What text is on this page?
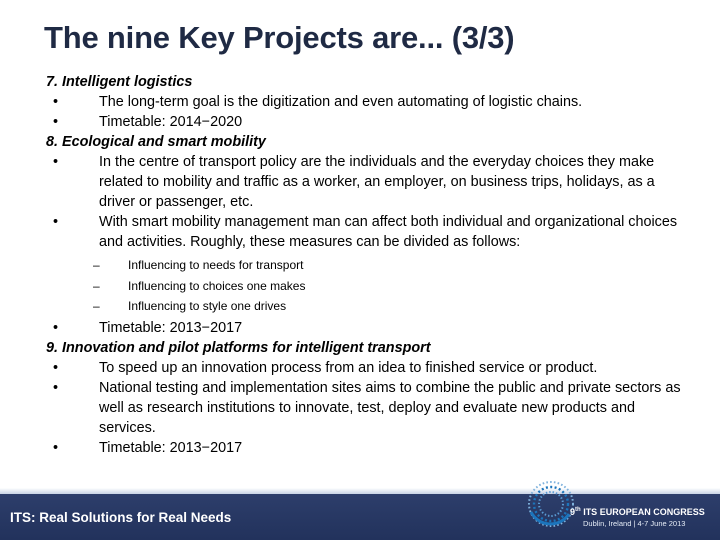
The nine Key Projects are... (3/3)
7. Intelligent logistics
•	The long-term goal is the digitization and even automating of logistic chains.
•	Timetable: 2014−2020
8. Ecological and smart mobility
•	In the centre of transport policy are the individuals and the everyday choices they make related to mobility and traffic as a worker, an employer, on business trips, holidays, as a driver or passenger, etc.
•	With smart mobility management man can affect both individual and organizational choices and activities. Roughly, these measures can be divided as follows:
– Influencing to needs for transport
– Influencing to choices one makes
– Influencing to style one drives
•	Timetable: 2013−2017
9. Innovation and pilot platforms for intelligent transport
•	To speed up an innovation process from an idea to finished service or product.
•	National testing and implementation sites aims to combine the public and private sectors as well as research institutions to innovate, test, deploy and evaluate new products and services.
•	Timetable: 2013−2017
ITS: Real Solutions for Real Needs	9th ITS EUROPEAN CONGRESS
Dublin, Ireland | 4-7 June 2013
